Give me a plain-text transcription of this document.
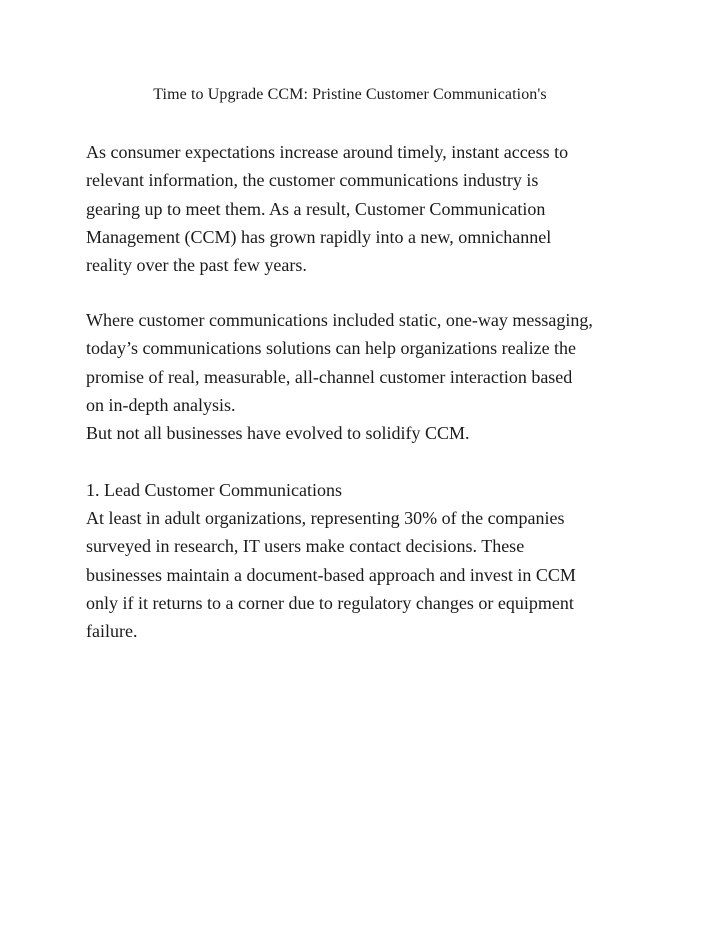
Time to Upgrade CCM: Pristine Customer Communication's
As consumer expectations increase around timely, instant access to
relevant information, the customer communications industry is
gearing up to meet them. As a result, Customer Communication
Management (CCM) has grown rapidly into a new, omnichannel
reality over the past few years.
Where customer communications included static, one-way messaging,
today’s communications solutions can help organizations realize the
promise of real, measurable, all-channel customer interaction based
on in-depth analysis.
But not all businesses have evolved to solidify CCM.
1. Lead Customer Communications
At least in adult organizations, representing 30% of the companies
surveyed in research, IT users make contact decisions. These
businesses maintain a document-based approach and invest in CCM
only if it returns to a corner due to regulatory changes or equipment
failure.
